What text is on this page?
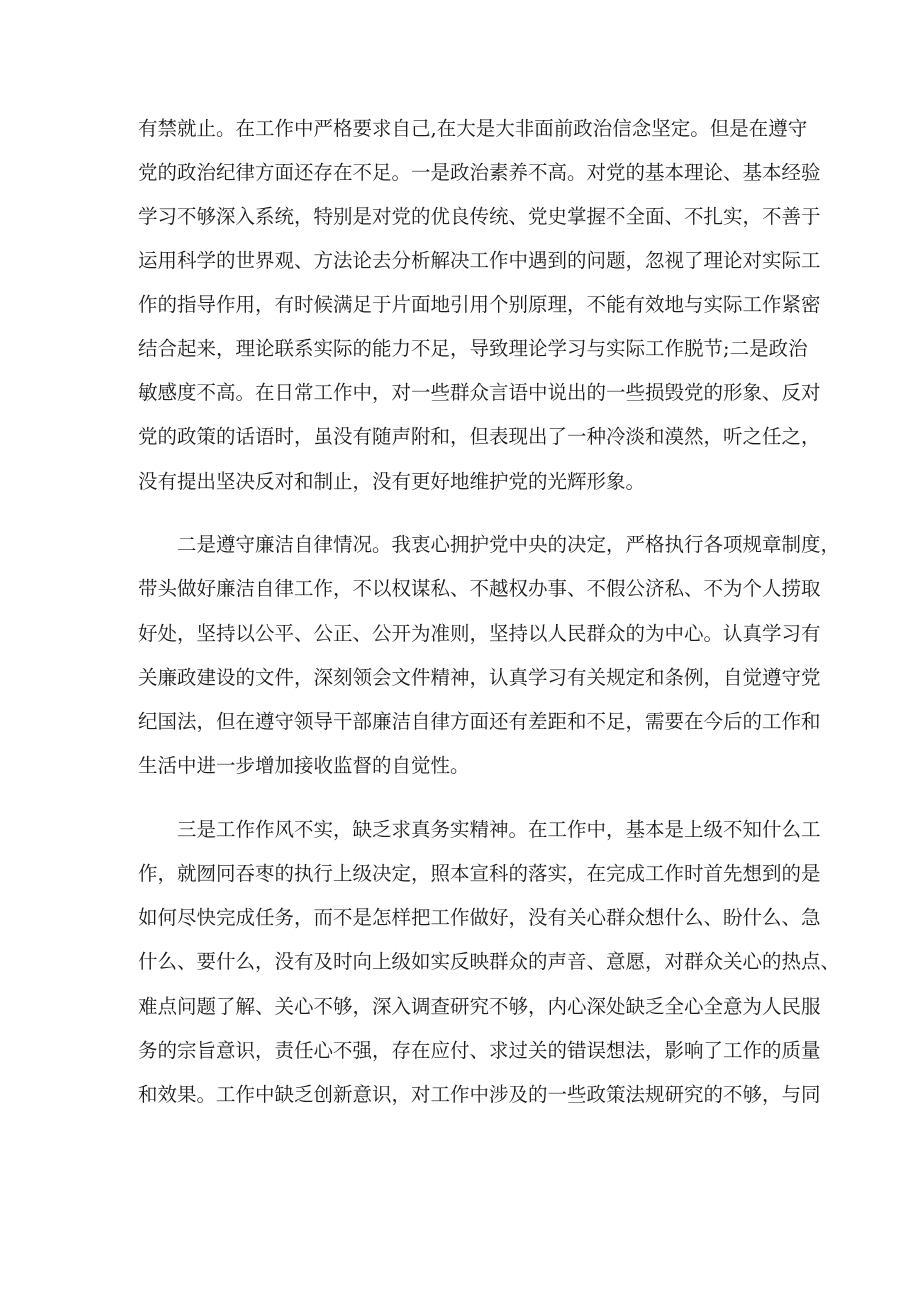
有禁就止。在工作中严格要求自己,在大是大非面前政治信念坚定。但是在遵守
党的政治纪律方面还存在不足。一是政治素养不高。对党的基本理论、基本经验
学习不够深入系统，特别是对党的优良传统、党史掌握不全面、不扎实，不善于
运用科学的世界观、方法论去分析解决工作中遇到的问题，忽视了理论对实际工
作的指导作用，有时候满足于片面地引用个别原理，不能有效地与实际工作紧密
结合起来，理论联系实际的能力不足，导致理论学习与实际工作脱节;二是政治
敏感度不高。在日常工作中，对一些群众言语中说出的一些损毁党的形象、反对
党的政策的话语时，虽没有随声附和，但表现出了一种冷淡和漠然，听之任之，
没有提出坚决反对和制止，没有更好地维护党的光辉形象。
二是遵守廉洁自律情况。我衷心拥护党中央的决定，严格执行各项规章制度，
带头做好廉洁自律工作，不以权谋私、不越权办事、不假公济私、不为个人捞取
好处，坚持以公平、公正、公开为准则，坚持以人民群众的为中心。认真学习有
关廉政建设的文件，深刻领会文件精神，认真学习有关规定和条例，自觉遵守党
纪国法，但在遵守领导干部廉洁自律方面还有差距和不足，需要在今后的工作和
生活中进一步增加接收监督的自觉性。
三是工作作风不实，缺乏求真务实精神。在工作中，基本是上级不知什么工
作，就囫冋吞枣的执行上级决定，照本宣科的落实，在完成工作时首先想到的是
如何尽快完成任务，而不是怎样把工作做好，没有关心群众想什么、盼什么、急
什么、要什么，没有及时向上级如实反映群众的声音、意愿，对群众关心的热点、
难点问题了解、关心不够，深入调查研究不够，内心深处缺乏全心全意为人民服
务的宗旨意识，责任心不强，存在应付、求过关的错误想法，影响了工作的质量
和效果。工作中缺乏创新意识，对工作中涉及的一些政策法规研究的不够，与同
